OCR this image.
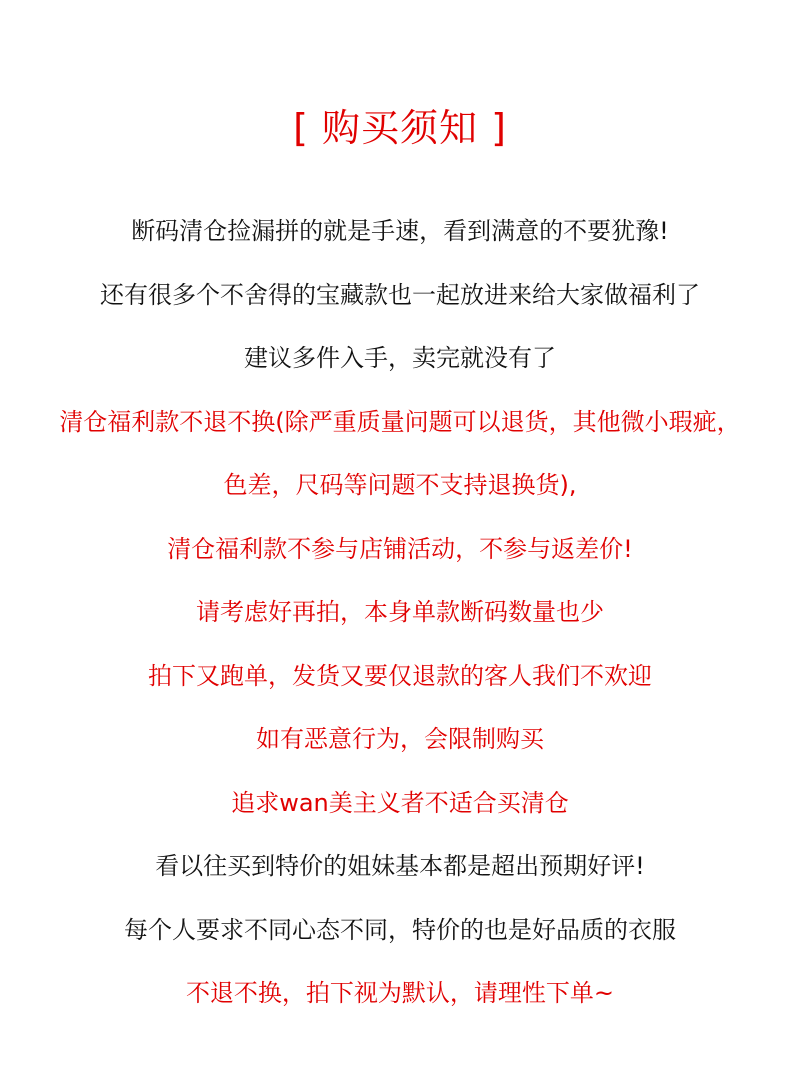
[ 购买须知 ]
断码清仓捡漏拼的就是手速，看到满意的不要犹豫!
还有很多个不舍得的宝藏款也一起放进来给大家做福利了
建议多件入手，卖完就没有了
清仓福利款不退不换(除严重质量问题可以退货，其他微小瑕疵，
色差，尺码等问题不支持退换货),
清仓福利款不参与店铺活动，不参与返差价!
请考虑好再拍，本身单款断码数量也少
拍下又跑单，发货又要仅退款的客人我们不欢迎
如有恶意行为，会限制购买
追求wan美主义者不适合买清仓
看以往买到特价的姐妹基本都是超出预期好评!
每个人要求不同心态不同，特价的也是好品质的衣服
不退不换，拍下视为默认，请理性下单~
